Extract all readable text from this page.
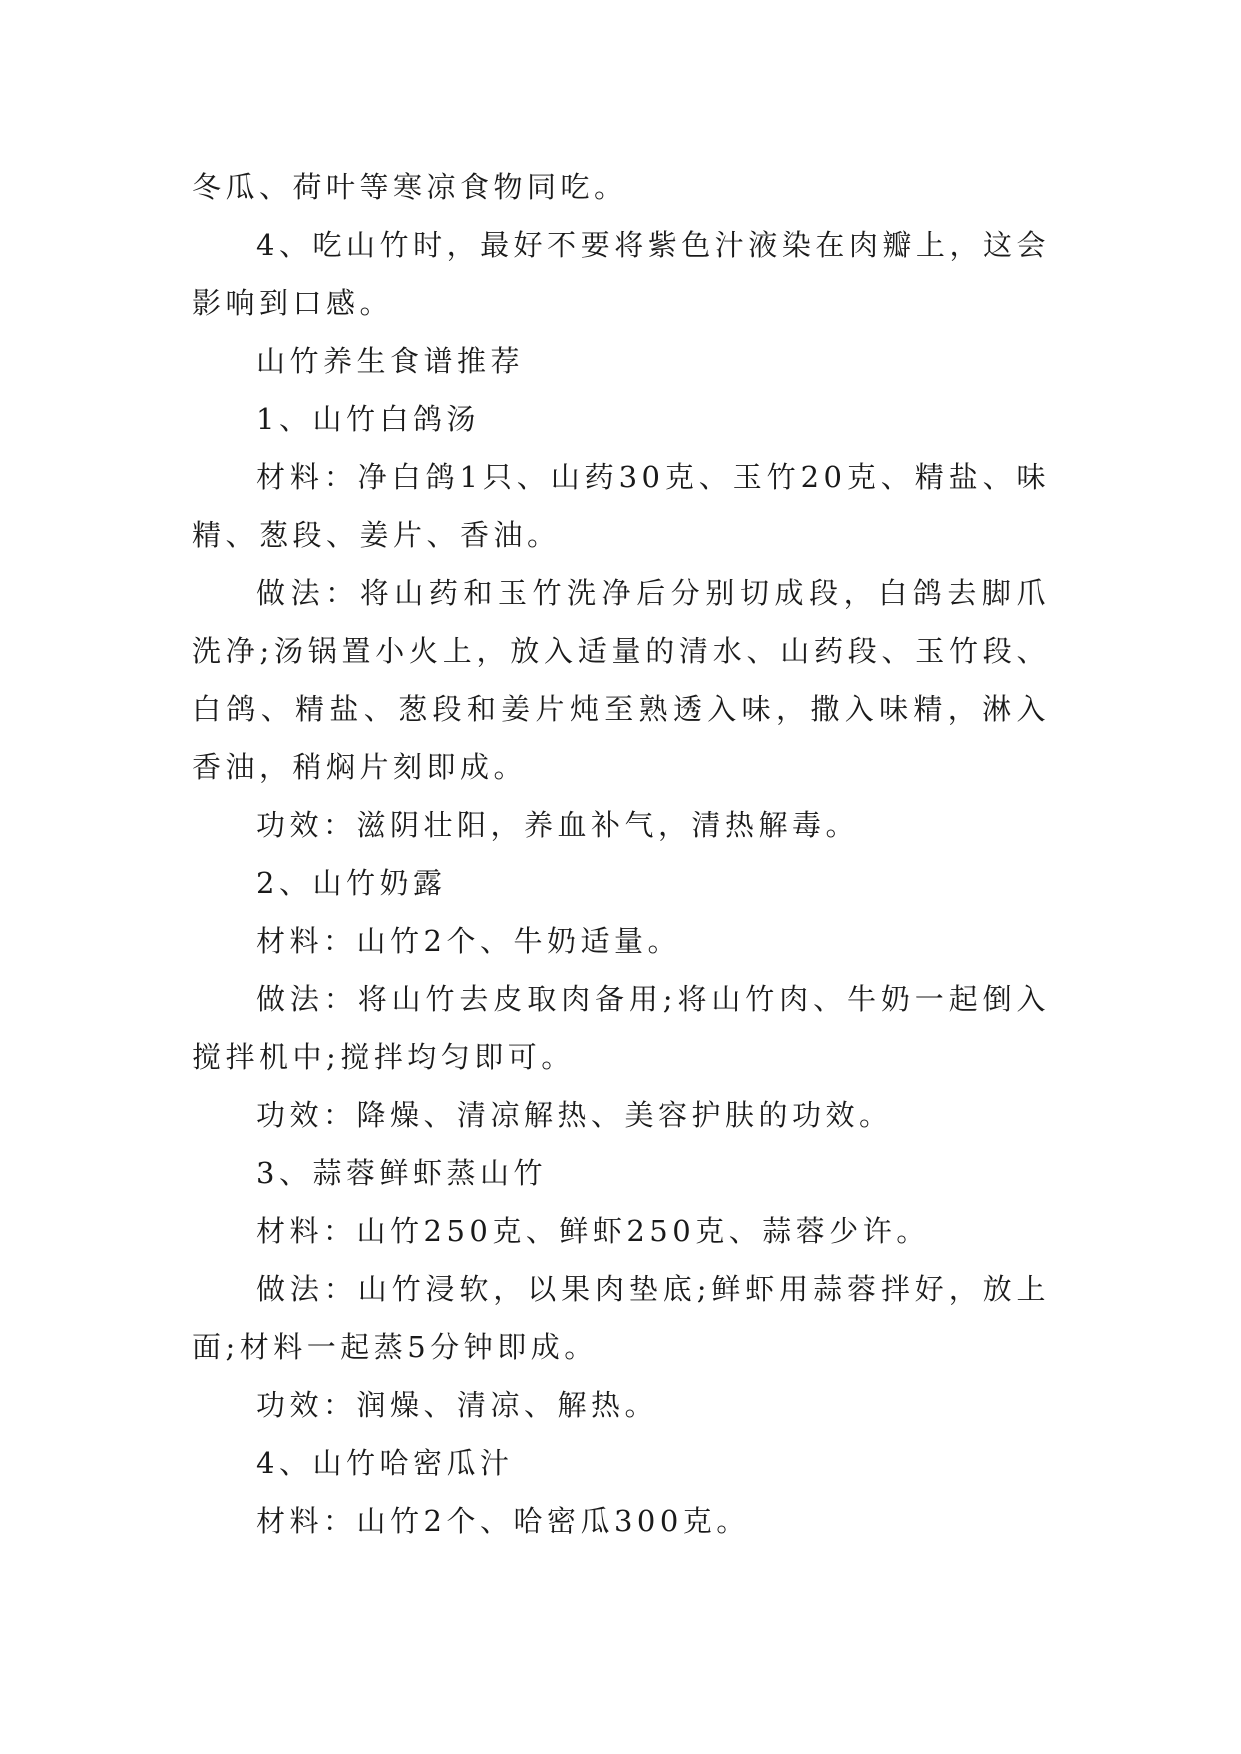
冬瓜、荷叶等寒凉食物同吃。

4、吃山竹时，最好不要将紫色汁液染在肉瓣上，这会影响到口感。

山竹养生食谱推荐

1、山竹白鸽汤

材料：净白鸽1只、山药30克、玉竹20克、精盐、味精、葱段、姜片、香油。

做法：将山药和玉竹洗净后分别切成段，白鸽去脚爪洗净;汤锅置小火上，放入适量的清水、山药段、玉竹段、白鸽、精盐、葱段和姜片炖至熟透入味，撒入味精，淋入香油，稍焖片刻即成。

功效：滋阴壮阳，养血补气，清热解毒。

2、山竹奶露

材料：山竹2个、牛奶适量。

做法：将山竹去皮取肉备用;将山竹肉、牛奶一起倒入搅拌机中;搅拌均匀即可。

功效：降燥、清凉解热、美容护肤的功效。

3、蒜蓉鲜虾蒸山竹

材料：山竹250克、鲜虾250克、蒜蓉少许。

做法：山竹浸软，以果肉垫底;鲜虾用蒜蓉拌好，放上面;材料一起蒸5分钟即成。

功效：润燥、清凉、解热。

4、山竹哈密瓜汁

材料：山竹2个、哈密瓜300克。
